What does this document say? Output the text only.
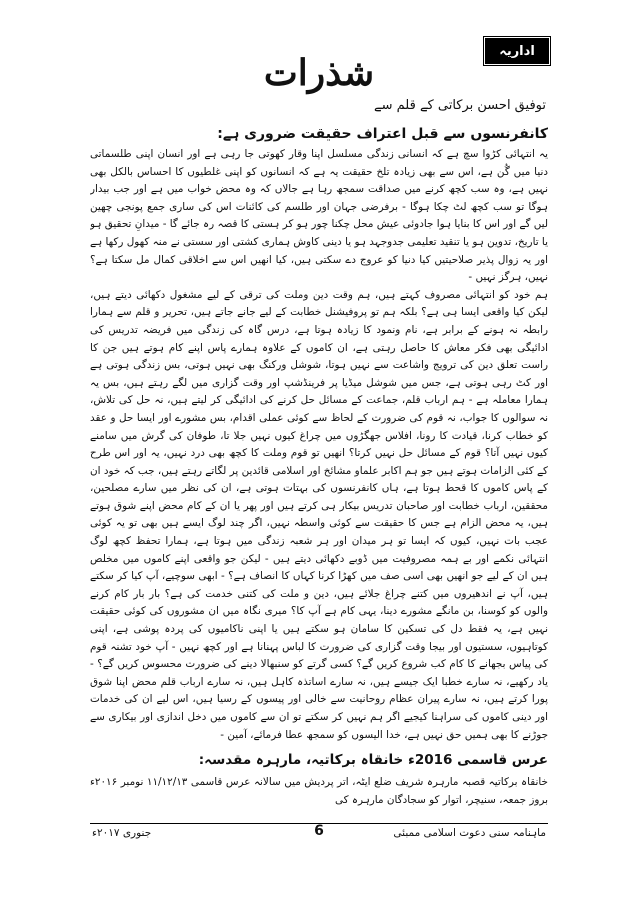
اداریہ
شذرات
توفیق احسن برکاتی کے قلم سے
کانفرنسوں سے قبل اعتراف حقیقت ضروری ہے:

یہ انتہائی کڑوا سچ ہے کہ انسانی زندگی مسلسل اپنا وقار کھوتی جا رہی ہے اور انسان اپنی طلسماتی دنیا میں گُن ہے، اس سے بھی زیادہ تلخ حقیقت یہ ہے کہ انسانوں کو اپنی غلطیوں کا احساس بالکل بھی نہیں ہے، وہ سب کچھ کرنے میں صداقت سمجھ رہا ہے جالاں کہ وہ محض خواب میں ہے اور جب بیدار ہوگا تو سب کچھ لٹ چکا ہوگا - برفرضی جہان اور طلسم کی کائنات اس کی ساری جمع پونجی چھین لیں گے اور اس کا بنایا ہوا جادوئی عیش محل چکنا چور ہو کر ہستی کا قصہ رہ جائے گا - میدانِ تحقیق ہو یا تاریخ، تدوین ہو یا تنقید تعلیمی جدوجہد ہو یا دینی کاوش ہماری کشتی اور سستی نے منہ کھول رکھا ہے اور یہ زوال پذیر صلاحیتیں کیا دنیا کو عروج دے سکتی ہیں، کیا انھیں اس سے اخلاقی کمال مل سکتا ہے؟ نہیں، ہرگز نہیں -

ہم خود کو انتہائی مصروف کہتے ہیں، ہم وقت دین وملت کی ترقی کے لیے مشغول دکھائی دیتے ہیں، لیکن کیا واقعی ایسا ہی ہے؟ بلکہ ہم تو پروفیشنل خطابت کے لیے جانے جاتے ہیں، تحریر و قلم سے ہمارا رابطہ نہ ہونے کے برابر ہے، نام ونمود کا زیادہ ہوتا ہے، درس گاہ کی زندگی میں فریضہ تدریس کی ادائیگی بھی فکر معاش کا حاصل رہتی ہے، ان کاموں کے علاوہ ہمارے پاس اپنے کام ہوتے ہیں جن کا راست تعلق دین کی ترویج واشاعت سے نہیں ہوتا، شوشل ورکنگ بھی نہیں ہوتی، بس زندگی ہوتی ہے اور کٹ رہی ہوتی ہے، جس میں شوشل میڈیا پر فرینڈشپ اور وقت گزاری میں لگے رہتے ہیں، بس یہ ہمارا معاملہ ہے - ہم ارباب قلم، جماعت کے مسائل حل کرنے کی ادائیگی کر لیتے ہیں، نہ حل کی تلاش، نہ سوالوں کا جواب، نہ قوم کی ضرورت کے لحاظ سے کوئی عملی اقدام، بس مشورے اور ایسا حل و عقد کو خطاب کرنا، قیادت کا رونا، افلاس جھگڑوں میں چراغ کیوں نہیں جلا تا، طوفان کی گرش میں سامنے کیوں نہیں آتا؟ قوم کے مسائل حل نہیں کرتا؟ انھیں تو قوم وملت کا کچھ بھی درد نہیں، یہ اور اس طرح کے کئی الزامات ہوتے ہیں جو ہم اکابر علماو مشائخ اور اسلامی قائدین پر لگاتے رہتے ہیں، جب کہ خود ان کے پاس کاموں کا قحط ہوتا ہے، ہاں کانفرنسوں کی بہتات ہوتی ہے، ان کی نظر میں سارے مصلحین، محققین، ارباب خطابت اور صاحبان تدریس بیکار ہی کرتے ہیں اور پھر یا ان کے کام محض اپنے شوق ہوتے ہیں، یہ محض الزام ہے جس کا حقیقت سے کوئی واسطہ نہیں، اگر چند لوگ ایسے ہیں بھی تو یہ کوئی عجب بات نہیں، کیوں کہ ایسا تو ہر میدان اور ہر شعبہ زندگی میں ہوتا ہے، ہمارا تحفظ کچھ لوگ انتہائی نکمے اور بے ہمہ مصروفیت میں ڈوبے دکھائی دیتے ہیں - لیکن جو واقعی اپنے کاموں میں مخلص ہیں ان کے لیے جو انھیں بھی اسی صف میں کھڑا کرنا کہاں کا انصاف ہے؟ - ابھی سوچیے، آپ کیا کر سکتے ہیں، آپ نے اندھیروں میں کتنے چراغ جلائے ہیں، دین و ملت کی کتنی خدمت کی ہے؟ بار بار کام کرنے والوں کو کوسنا، بن مانگے مشورے دینا، یہی کام ہے آپ کا؟ میری نگاہ میں ان مشوروں کی کوئی حقیقت نہیں ہے، یہ فقط دل کی تسکین کا سامان ہو سکتے ہیں یا اپنی ناکامیوں کی پردہ پوشی ہے، اپنی کوتاہیوں، سستیوں اور بیجا وقت گزاری کی ضرورت کا لباس پہنانا ہے اور کچھ نہیں - آپ خود تشنہ قوم کی پیاس بجھانے کا کام کب شروع کریں گے؟ کسی گرتے کو سنبھالا دینے کی ضرورت محسوس کریں گے؟ - یاد رکھیے، نہ سارے خطبا ایک جیسے ہیں، نہ سارے اساتذہ کاہل ہیں، نہ سارے ارباب قلم محض اپنا شوق پورا کرتے ہیں، نہ سارے پیران عظام روحانیت سے خالی اور پیسوں کے رسیا ہیں، اس لیے ان کی خدمات اور دینی کاموں کی سراہنا کیجیے اگر ہم نہیں کر سکتے تو ان سے کاموں میں دخل اندازی اور بیکاری سے جوڑنے کا بھی ہمیں حق نہیں ہے، خدا الیسوں کو سمجھ عطا فرمائے، آمین -

عرس قاسمی 2016ء خانقاہ برکاتیہ، مارہرہ مقدسہ:

خانقاہ برکاتیہ قصبہ مارہرہ شریف ضلع ایٹہ، اتر پردیش میں سالانہ عرس قاسمی ۱۱/۱۲/۱۳ نومبر ۲۰۱۶ء بروز جمعہ، سنیچر، اتوار کو سجادگان مارہرہ کی

ماہنامہ سنی دعوت اسلامی ممبئی
6
جنوری ۲۰۱۷ء
